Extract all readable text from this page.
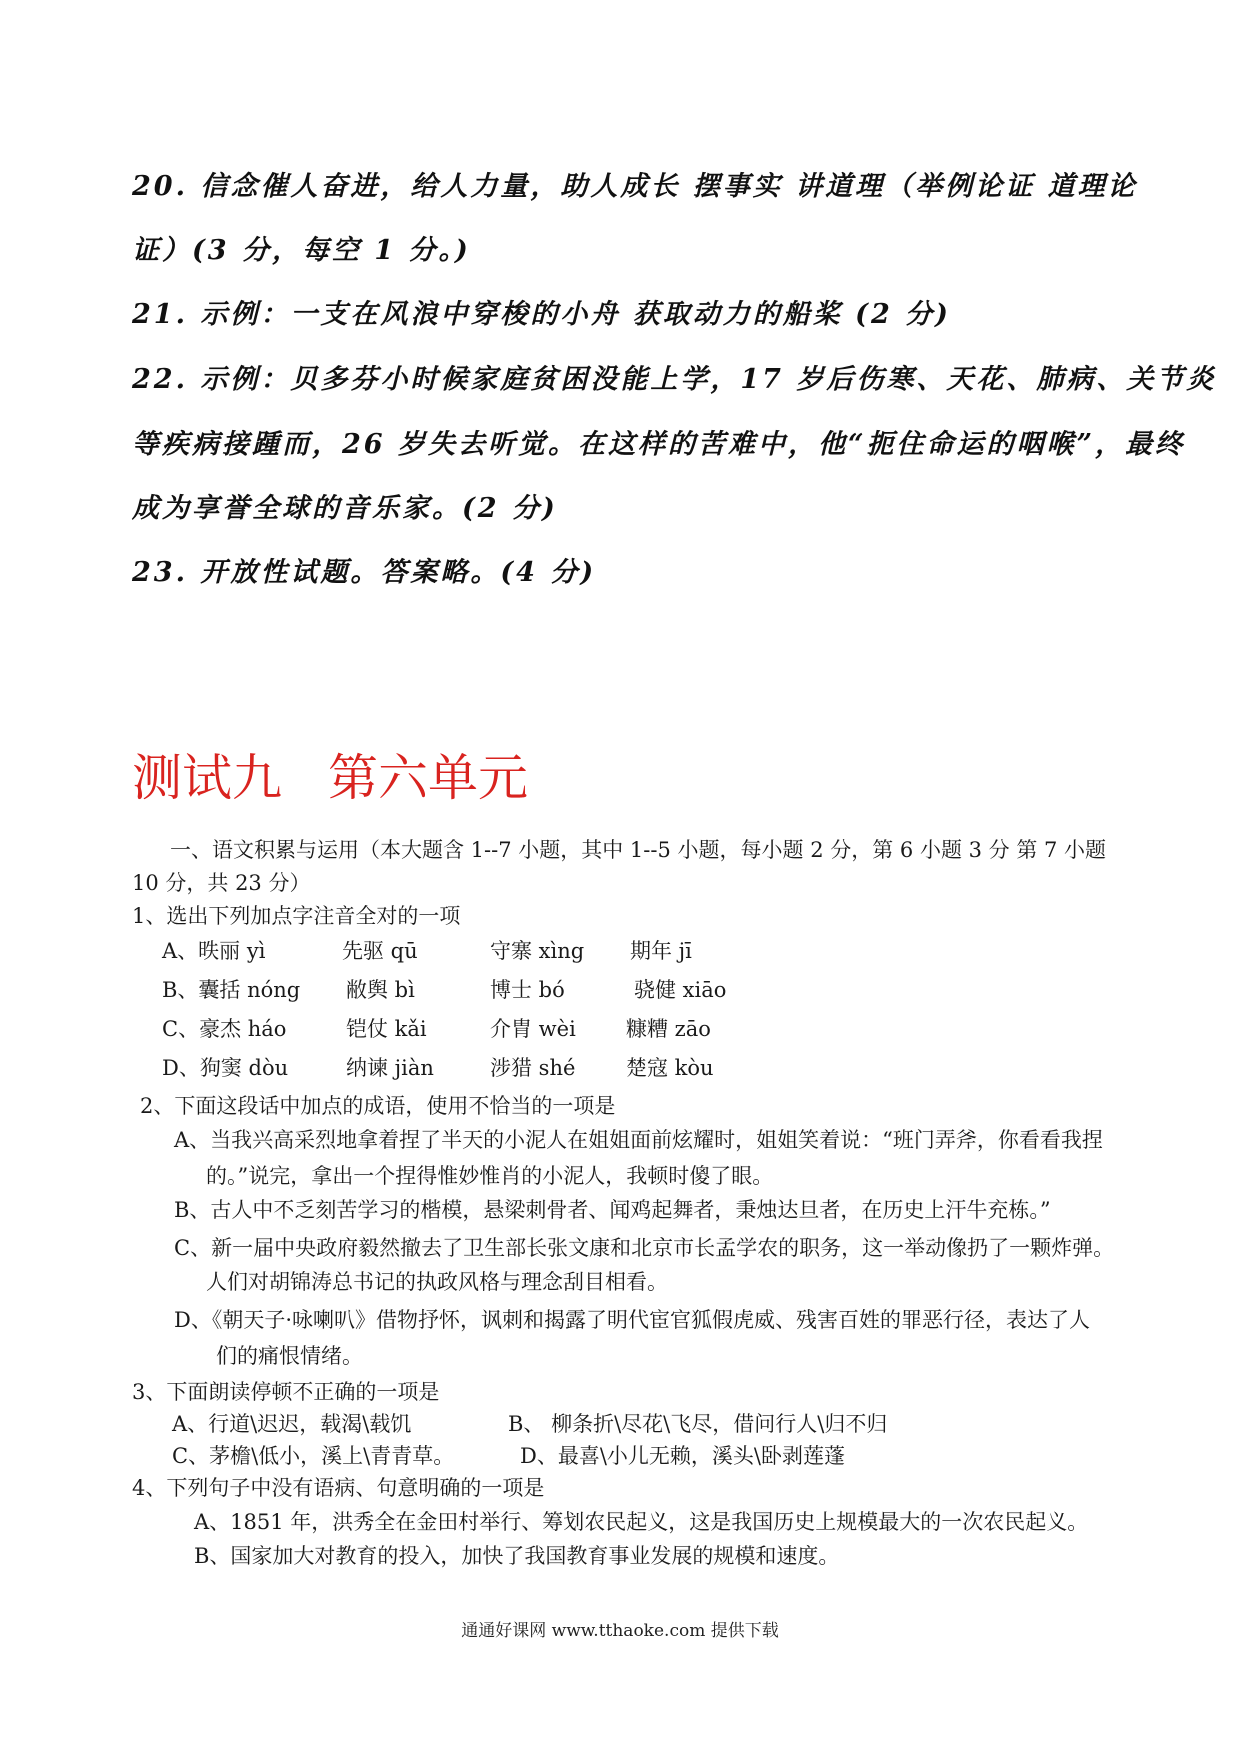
20. 信念催人奋进，给人力量，助人成长 摆事实 讲道理（举例论证 道理论
证）(3 分，每空 1 分。)
21. 示例：一支在风浪中穿梭的小舟 获取动力的船桨 (2 分)
22. 示例：贝多芬小时候家庭贫困没能上学，17 岁后伤寒、天花、肺病、关节炎
等疾病接踵而，26 岁失去听觉。在这样的苦难中，他“扼住命运的咽喉”，最终
成为享誉全球的音乐家。(2 分)
23. 开放性试题。答案略。(4 分)
测试九 第六单元
一、语文积累与运用（本大题含 1--7 小题，其中 1--5 小题，每小题 2 分，第 6 小题 3 分 第 7 小题
10 分，共 23 分）
1、选出下列加点字注音全对的一项
A、昳丽 yì	先驱 qū	守寨 xìng 期年 jī
B、囊括 nóng 敝舆 bì	博士 bó	骁健 xiāo
C、豪杰 háo	铠仗 kǎi	介胄 wèi 糠糟 zāo
D、狗窦 dòu	纳谏 jiàn	涉猎 shé 楚寇 kòu
2、下面这段话中加点的成语，使用不恰当的一项是
A、当我兴高采烈地拿着捏了半天的小泥人在姐姐面前炫耀时，姐姐笑着说：“班门弄斧，你看看我捏
的。”说完，拿出一个捏得惟妙惟肖的小泥人，我顿时傻了眼。
B、古人中不乏刻苦学习的楷模，悬梁刺骨者、闻鸡起舞者，秉烛达旦者，在历史上汗牛充栋。”
C、新一届中央政府毅然撤去了卫生部长张文康和北京市长孟学农的职务，这一举动像扔了一颗炸弹。
人们对胡锦涛总书记的执政风格与理念刮目相看。
D、《朝天子·咏喇叭》借物抒怀，讽刺和揭露了明代宦官狐假虎威、残害百姓的罪恶行径，表达了人
们的痛恨情绪。
3、下面朗读停顿不正确的一项是
A、行道\迟迟，载渴\载饥	B、 柳条折\尽花\飞尽，借问行人\归不归
C、茅檐\低小，溪上\青青草。	D、最喜\小儿无赖，溪头\卧剥莲蓬
4、下列句子中没有语病、句意明确的一项是
A、1851 年，洪秀全在金田村举行、筹划农民起义，这是我国历史上规模最大的一次农民起义。
B、国家加大对教育的投入，加快了我国教育事业发展的规模和速度。
通通好课网 www.tthaoke.com 提供下载
